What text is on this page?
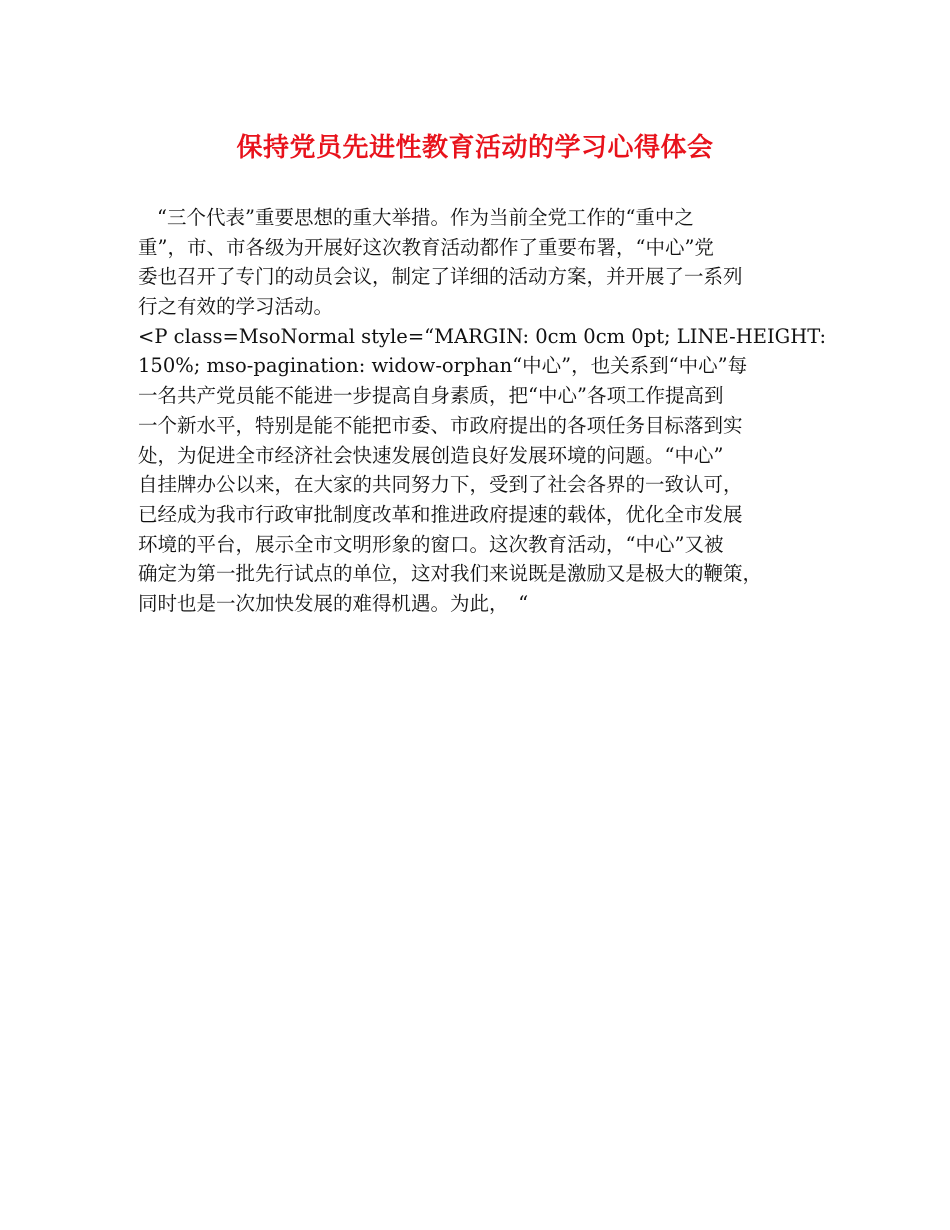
保持党员先进性教育活动的学习心得体会
“三个代表”重要思想的重大举措。作为当前全党工作的“重中之
重”，市、市各级为开展好这次教育活动都作了重要布署，“中心”党
委也召开了专门的动员会议，制定了详细的活动方案，并开展了一系列
行之有效的学习活动。
<P class=MsoNormal style=“MARGIN: 0cm 0cm 0pt; LINE-HEIGHT:
150%; mso-pagination: widow-orphan“中心”，也关系到“中心”每
一名共产党员能不能进一步提高自身素质，把“中心”各项工作提高到
一个新水平，特别是能不能把市委、市政府提出的各项任务目标落到实
处，为促进全市经济社会快速发展创造良好发展环境的问题。“中心”
自挂牌办公以来，在大家的共同努力下，受到了社会各界的一致认可，
已经成为我市行政审批制度改革和推进政府提速的载体，优化全市发展
环境的平台，展示全市文明形象的窗口。这次教育活动，“中心”又被
确定为第一批先行试点的单位，这对我们来说既是激励又是极大的鞭策，
同时也是一次加快发展的难得机遇。为此，　“
